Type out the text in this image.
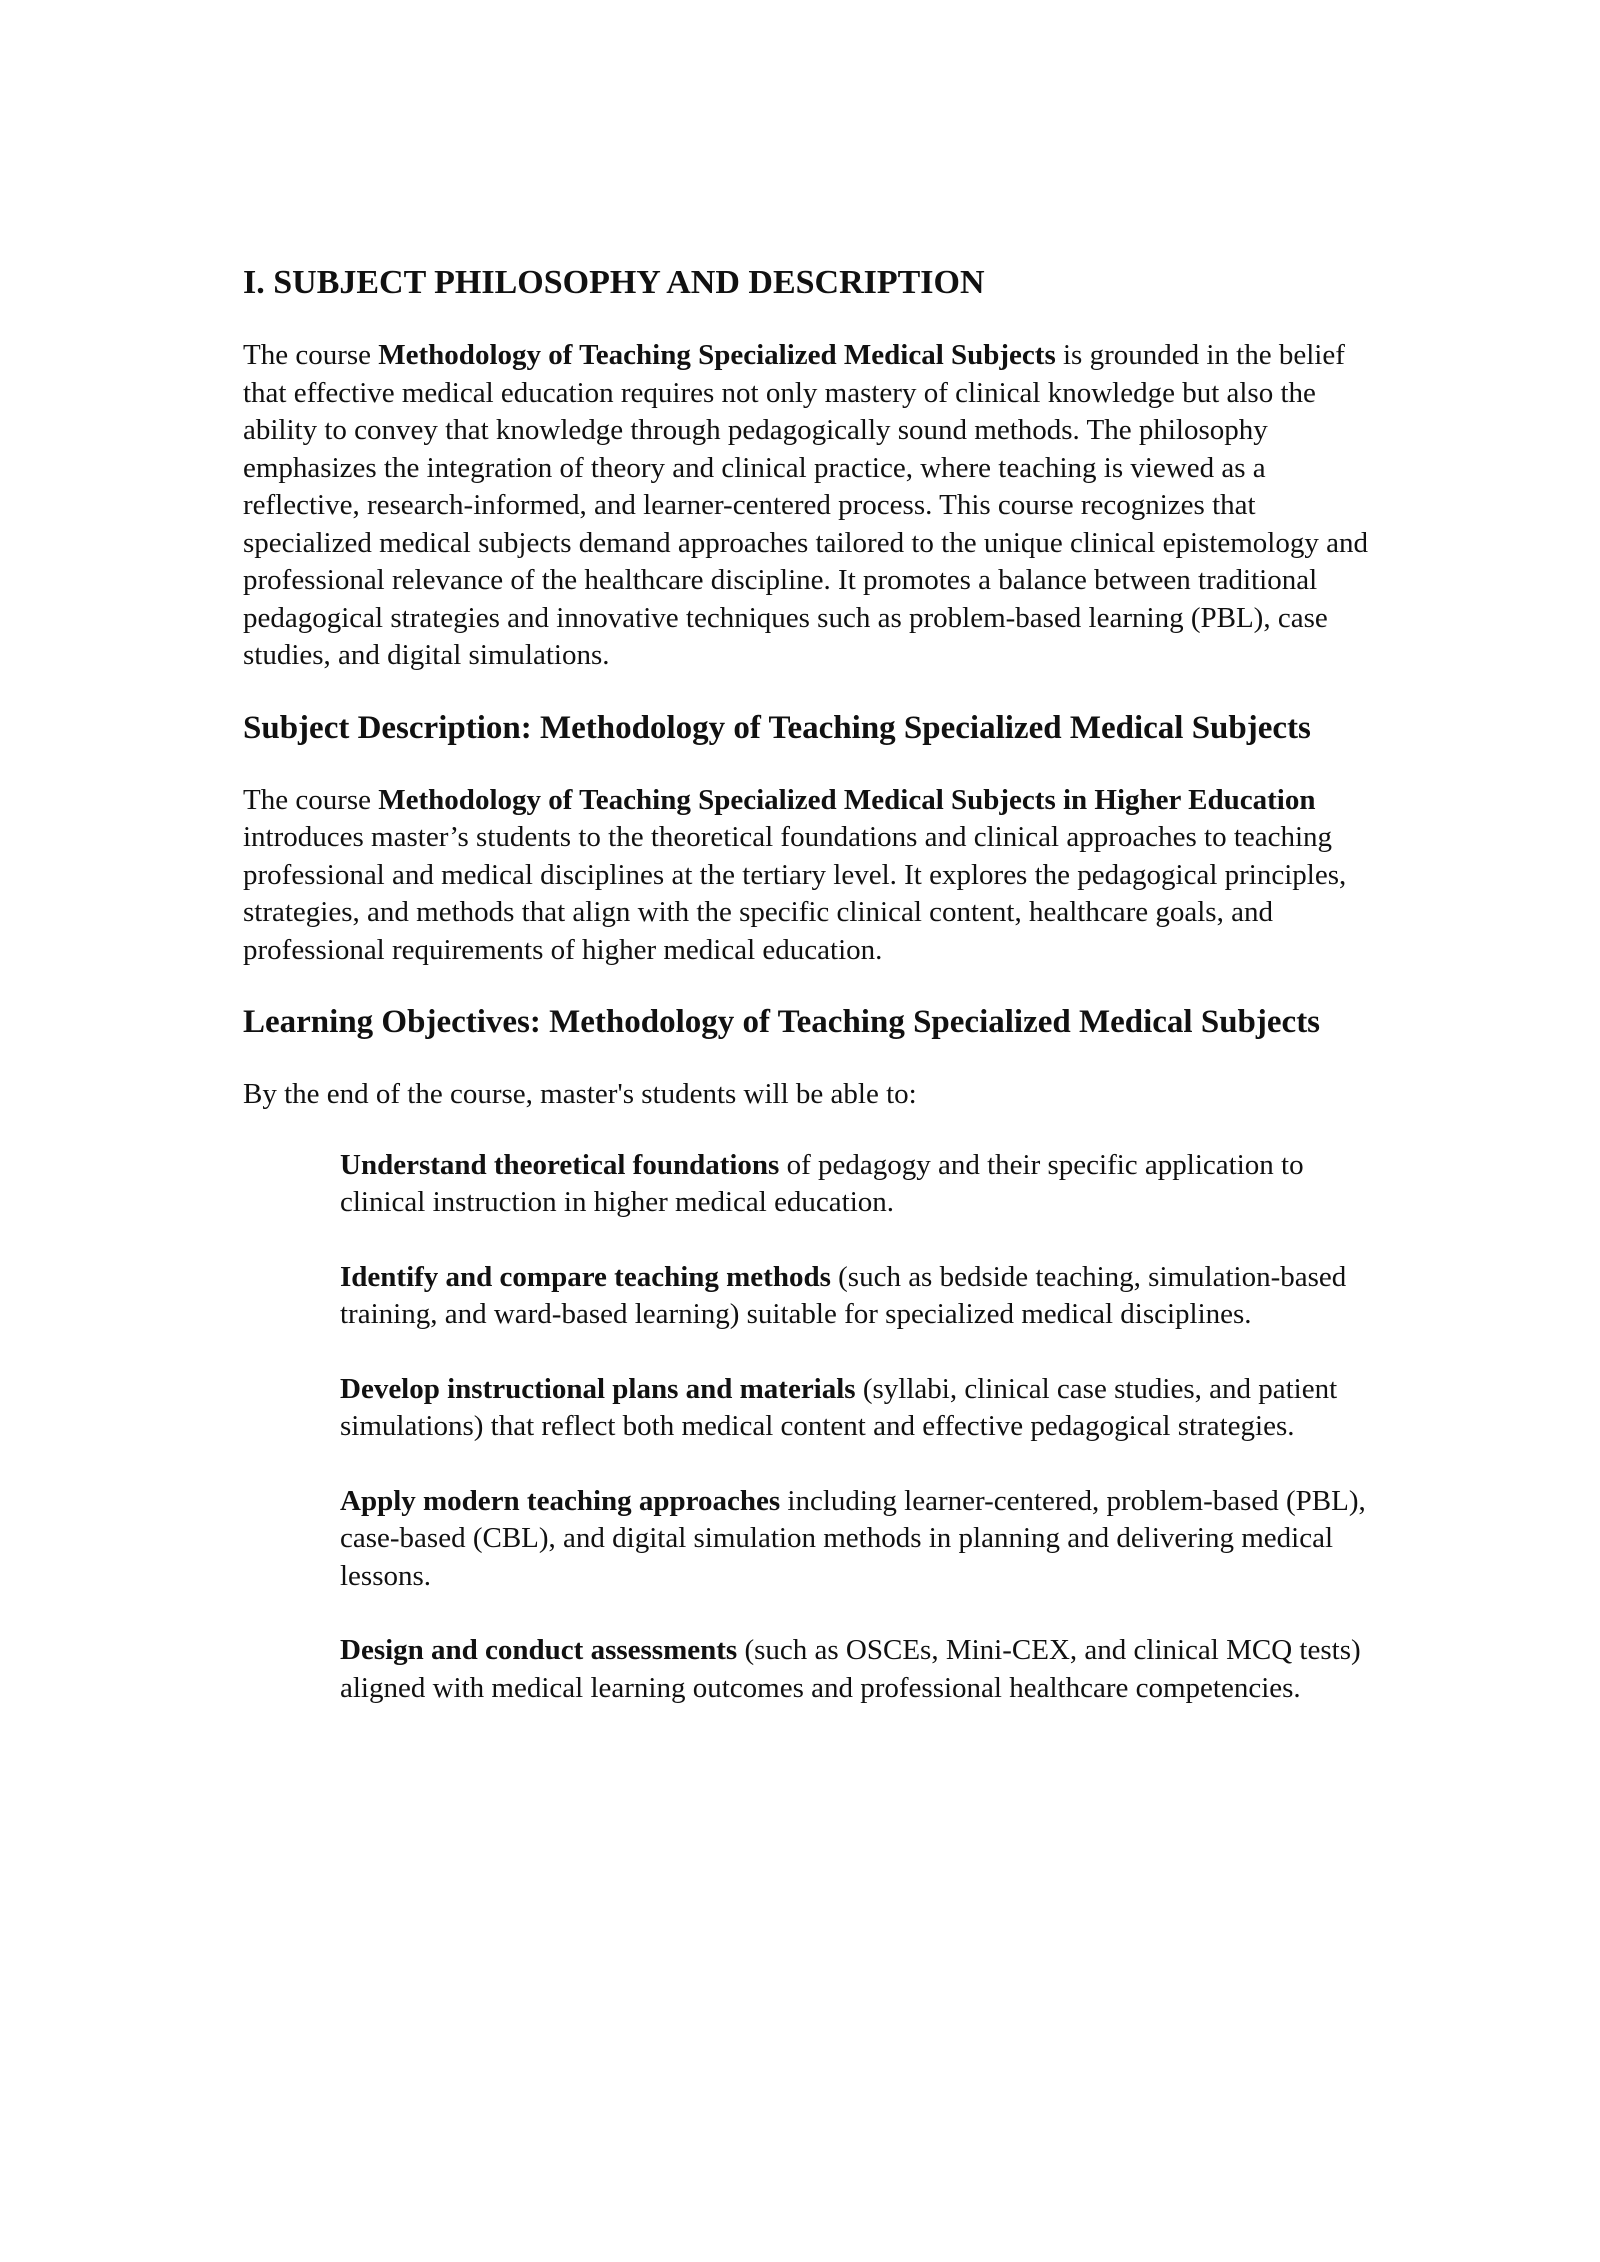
I. SUBJECT PHILOSOPHY AND DESCRIPTION

The course Methodology of Teaching Specialized Medical Subjects is grounded in the belief that effective medical education requires not only mastery of clinical knowledge but also the ability to convey that knowledge through pedagogically sound methods. The philosophy emphasizes the integration of theory and clinical practice, where teaching is viewed as a reflective, research-informed, and learner-centered process. This course recognizes that specialized medical subjects demand approaches tailored to the unique clinical epistemology and professional relevance of the healthcare discipline. It promotes a balance between traditional pedagogical strategies and innovative techniques such as problem-based learning (PBL), case studies, and digital simulations.

Subject Description: Methodology of Teaching Specialized Medical Subjects

The course Methodology of Teaching Specialized Medical Subjects in Higher Education introduces master’s students to the theoretical foundations and clinical approaches to teaching professional and medical disciplines at the tertiary level. It explores the pedagogical principles, strategies, and methods that align with the specific clinical content, healthcare goals, and professional requirements of higher medical education.

Learning Objectives: Methodology of Teaching Specialized Medical Subjects

By the end of the course, master's students will be able to:

Understand theoretical foundations of pedagogy and their specific application to clinical instruction in higher medical education.
Identify and compare teaching methods (such as bedside teaching, simulation-based training, and ward-based learning) suitable for specialized medical disciplines.
Develop instructional plans and materials (syllabi, clinical case studies, and patient simulations) that reflect both medical content and effective pedagogical strategies.
Apply modern teaching approaches including learner-centered, problem-based (PBL), case-based (CBL), and digital simulation methods in planning and delivering medical lessons.
Design and conduct assessments (such as OSCEs, Mini-CEX, and clinical MCQ tests) aligned with medical learning outcomes and professional healthcare competencies.
